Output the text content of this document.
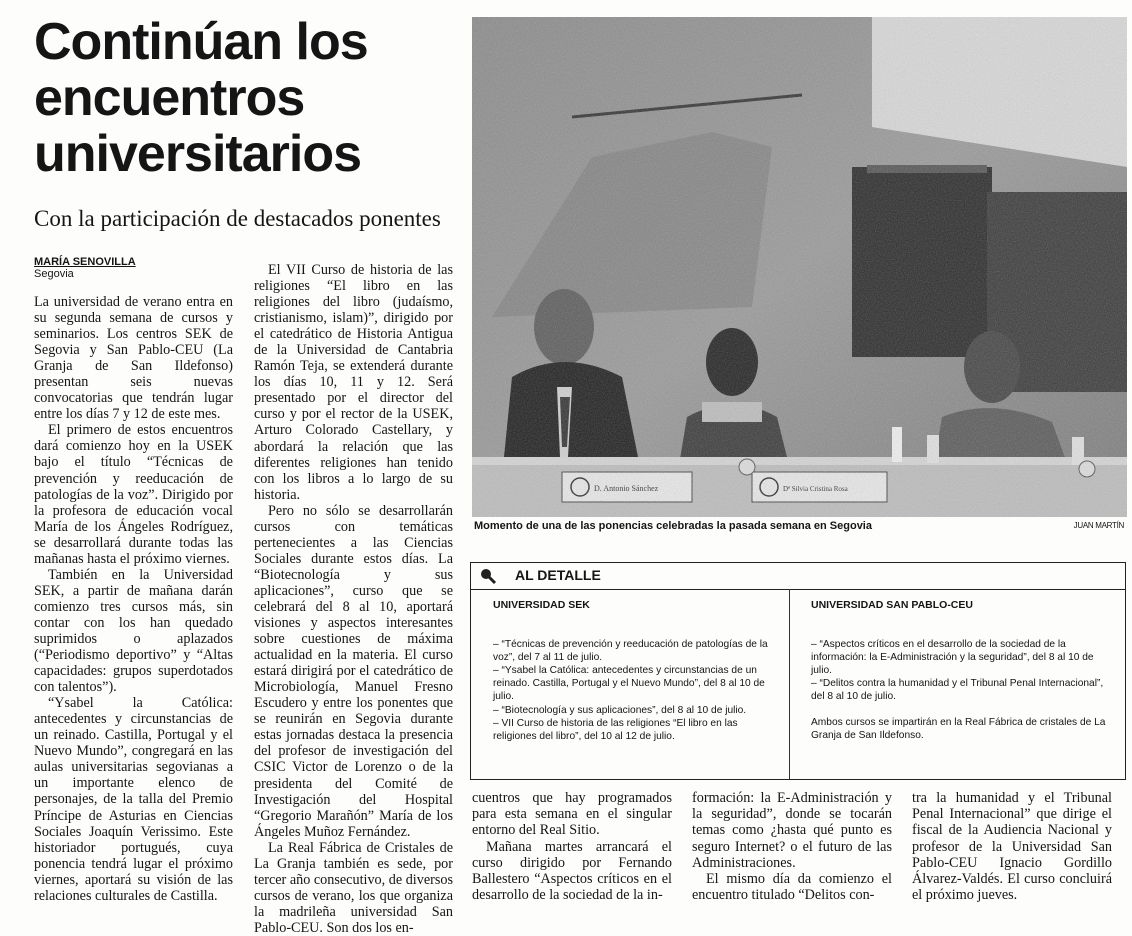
Continúan los encuentros universitarios
Con la participación de destacados ponentes
MARÍA SENOVILLA
Segovia

La universidad de verano entra en su segunda semana de cursos y seminarios. Los centros SEK de Segovia y San Pablo-CEU (La Granja de San Ildefonso) presentan seis nuevas convocatorias que tendrán lugar entre los días 7 y 12 de este mes.

El primero de estos encuentros dará comienzo hoy en la USEK bajo el título “Técnicas de prevención y reeducación de patologías de la voz”. Dirigido por la profesora de educación vocal María de los Ángeles Rodríguez, se desarrollará durante todas las mañanas hasta el próximo viernes.

También en la Universidad SEK, a partir de mañana darán comienzo tres cursos más, sin contar con los han quedado suprimidos o aplazados (“Periodismo deportivo” y “Altas capacidades: grupos superdotados con talentos”).

“Ysabel la Católica: antecedentes y circunstancias de un reinado. Castilla, Portugal y el Nuevo Mundo”, congregará en las aulas universitarias segovianas a un importante elenco de personajes, de la talla del Premio Príncipe de Asturias en Ciencias Sociales Joaquín Verissimo. Este historiador portugués, cuya ponencia tendrá lugar el próximo viernes, aportará su visión de las relaciones culturales de Castilla.

El VII Curso de historia de las religiones “El libro en las religiones del libro (judaísmo, cristianismo, islam)”, dirigido por el catedrático de Historia Antigua de la Universidad de Cantabria Ramón Teja, se extenderá durante los días 10, 11 y 12. Será presentado por el director del curso y por el rector de la USEK, Arturo Colorado Castellary, y abordará la relación que las diferentes religiones han tenido con los libros a lo largo de su historia.

Pero no sólo se desarrollarán cursos con temáticas pertenecientes a las Ciencias Sociales durante estos días. La “Biotecnología y sus aplicaciones”, curso que se celebrará del 8 al 10, aportará visiones y aspectos interesantes sobre cuestiones de máxima actualidad en la materia. El curso estará dirigirá por el catedrático de Microbiología, Manuel Fresno Escudero y entre los ponentes que se reunirán en Segovia durante estas jornadas destaca la presencia del profesor de investigación del CSIC Victor de Lorenzo o de la presidenta del Comité de Investigación del Hospital “Gregorio Marañón” María de los Ángeles Muñoz Fernández.

La Real Fábrica de Cristales de La Granja también es sede, por tercer año consecutivo, de diversos cursos de verano, los que organiza la madrileña universidad San Pablo-CEU. Son dos los en-

Momento de una de las ponencias celebradas la pasada semana en Segovia	JUAN MARTÍN
AL DETALLE
UNIVERSIDAD SEK

– “Técnicas de prevención y reeducación de patologías de la voz”, del 7 al 11 de julio.

– “Ysabel la Católica: antecedentes y circunstancias de un reinado. Castilla, Portugal y el Nuevo Mundo”, del 8 al 10 de julio.

– “Biotecnología y sus aplicaciones”, del 8 al 10 de julio.

– VII Curso de historia de las religiones “El libro en las religiones del libro”, del 10 al 12 de julio.

UNIVERSIDAD SAN PABLO-CEU

– “Aspectos críticos en el desarrollo de la sociedad de la información: la E-Administración y la seguridad”, del 8 al 10 de julio.

– “Delitos contra la humanidad y el Tribunal Penal Internacional”, del 8 al 10 de julio.

Ambos cursos se impartirán en la Real Fábrica de cristales de La Granja de San Ildefonso.

cuentros que hay programados para esta semana en el singular entorno del Real Sitio.

Mañana martes arrancará el curso dirigido por Fernando Ballestero “Aspectos críticos en el desarrollo de la sociedad de la in-

formación: la E-Administración y la seguridad”, donde se tocarán temas como ¿hasta qué punto es seguro Internet? o el futuro de las Administraciones.

El mismo día da comienzo el encuentro titulado “Delitos con-

tra la humanidad y el Tribunal Penal Internacional” que dirige el fiscal de la Audiencia Nacional y profesor de la Universidad San Pablo-CEU Ignacio Gordillo Álvarez-Valdés. El curso concluirá el próximo jueves.
